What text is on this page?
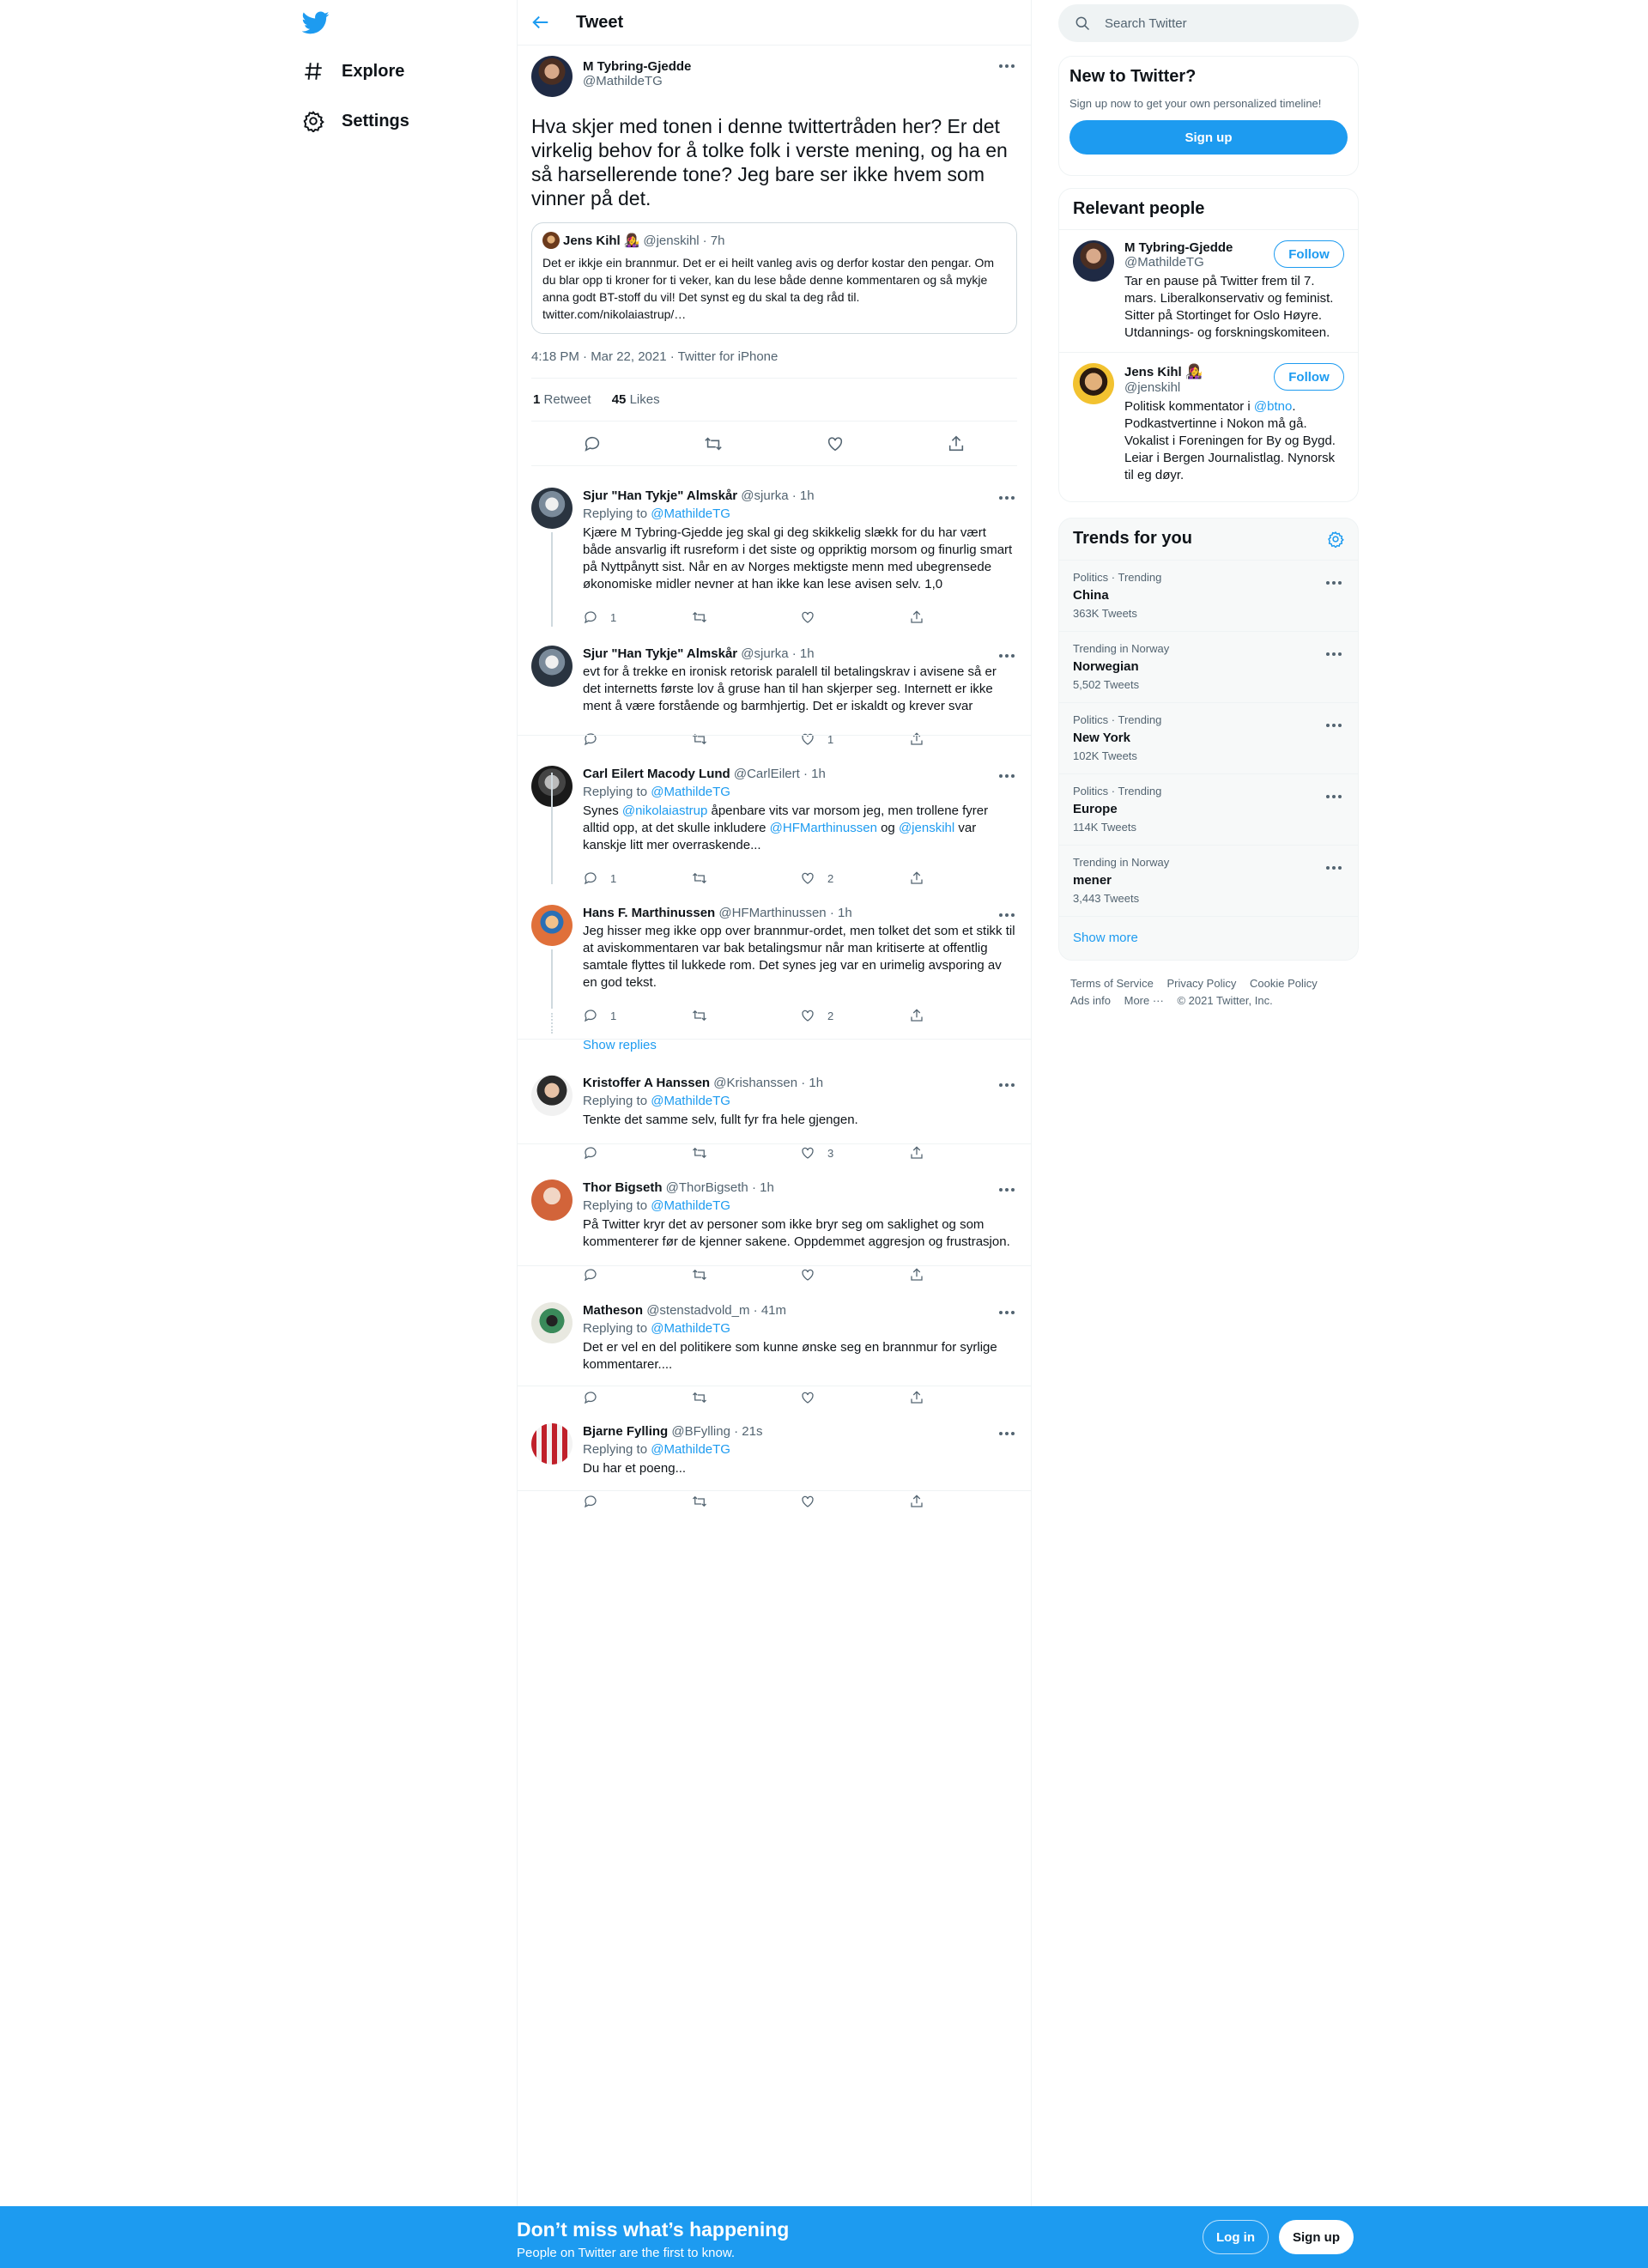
Explore
Settings
Tweet
M Tybring-Gjedde
@MathildeTG
Hva skjer med tonen i denne twittertråden her? Er det virkelig behov for å tolke folk i verste mening, og ha en så harsellerende tone? Jeg bare ser ikke hvem som vinner på det.
Jens Kihl 👩‍🎤 @jenskihl · 7h
Det er ikkje ein brannmur. Det er ei heilt vanleg avis og derfor kostar den pengar. Om du blar opp ti kroner for ti veker, kan du lese både denne kommentaren og så mykje anna godt BT-stoff du vil! Det synst eg du skal ta deg råd til. twitter.com/nikolaiastrup/…
4:18 PM · Mar 22, 2021 · Twitter for iPhone
1 Retweet 45 Likes
Sjur "Han Tykje" Almskår @sjurka · 1h
Replying to @MathildeTG
Kjære M Tybring-Gjedde jeg skal gi deg skikkelig slækk for du har vært både ansvarlig ift rusreform i det siste og oppriktig morsom og finurlig smart på Nyttpånytt sist. Når en av Norges mektigste menn med ubegrensede økonomiske midler nevner at han ikke kan lese avisen selv. 1,0
1
Sjur "Han Tykje" Almskår @sjurka · 1h
evt for å trekke en ironisk retorisk paralell til betalingskrav i avisene så er det internetts første lov å gruse han til han skjerper seg. Internett er ikke ment å være forstående og barmhjertig. Det er iskaldt og krever svar
1
Carl Eilert Macody Lund @CarlEilert · 1h
Replying to @MathildeTG
Synes @nikolaiastrup åpenbare vits var morsom jeg, men trollene fyrer alltid opp, at det skulle inkludere @HFMarthinussen og @jenskihl var kanskje litt mer overraskende...
1	2
Hans F. Marthinussen @HFMarthinussen · 1h
Jeg hisser meg ikke opp over brannmur-ordet, men tolket det som et stikk til at aviskommentaren var bak betalingsmur når man kritiserte at offentlig samtale flyttes til lukkede rom. Det synes jeg var en urimelig avsporing av en god tekst.
1	2
Show replies
Kristoffer A Hanssen @Krishanssen · 1h
Replying to @MathildeTG
Tenkte det samme selv, fullt fyr fra hele gjengen.
3
Thor Bigseth @ThorBigseth · 1h
Replying to @MathildeTG
På Twitter kryr det av personer som ikke bryr seg om saklighet og som kommenterer før de kjenner sakene. Oppdemmet aggresjon og frustrasjon.
Matheson @stenstadvold_m · 41m
Replying to @MathildeTG
Det er vel en del politikere som kunne ønske seg en brannmur for syrlige kommentarer....
Bjarne Fylling @BFylling · 21s
Replying to @MathildeTG
Du har et poeng...
Search Twitter
New to Twitter?
Sign up now to get your own personalized timeline!
Sign up
Relevant people
M Tybring-Gjedde
@MathildeTG
Follow
Tar en pause på Twitter frem til 7. mars. Liberalkonservativ og feminist. Sitter på Stortinget for Oslo Høyre. Utdannings- og forskningskomiteen.
Jens Kihl 👩‍🎤
@jenskihl
Follow
Politisk kommentator i @btno. Podkastvertinne i Nokon må gå. Vokalist i Foreningen for By og Bygd. Leiar i Bergen Journalistlag. Nynorsk til eg døyr.
Trends for you
Politics · Trending
China
363K Tweets
Trending in Norway
Norwegian
5,502 Tweets
Politics · Trending
New York
102K Tweets
Politics · Trending
Europe
114K Tweets
Trending in Norway
mener
3,443 Tweets
Show more
Terms of Service Privacy Policy Cookie Policy
Ads info More ··· © 2021 Twitter, Inc.
Don’t miss what’s happening
People on Twitter are the first to know.
Log in	Sign up
